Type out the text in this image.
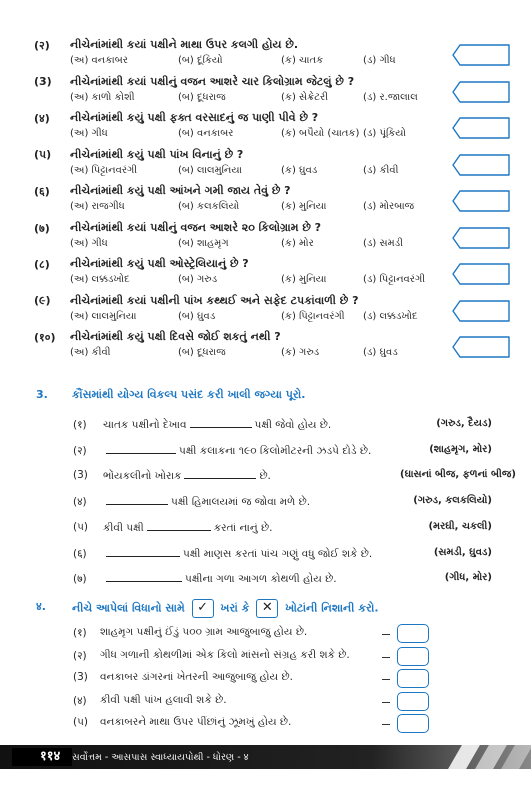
(२) નીચેનાંમાંથી કયાં પક્ષીને માથા ઉપર કલગી હોય છે.
(અ) વનકાબર	(બ) દૂંકિયો	(ક) ચાતક	(ડ) ગીધ
(3) નીચેનાંમાંથી કયાં પક્ષીનું વજન આશરે ચાર કિલોગ્રામ જેટલું છે ?
(અ) કાળો કોશી	(બ) દૂધરાજ	(ક) સેક્રેટરી	(ડ) ર.જાલાલ
(४) નીચેનાંમાંથી કયું પક્ષી ફક્ત વરસાદનું જ પાણી પીવે છે ?
(અ) ગીધ	(બ) વનકાબર	(ક) બપૈયો (ચાતક) (ડ) પૂંકિયો
(પ) નીચેનાંમાંથી કયું પક્ષી પાંખ વિનાનું છે ?
(અ) પિટ્ટાનવરંગી	(બ) લાલમુનિયા	(ક) ઘુવડ	(ડ) કીવી
(६) નીચેનાંમાંથી કયું પક્ષી આંખને ગમી જાય તેવું છે ?
(અ) રાજગીધ	(બ) કલકલિયો	(ક) મુનિયા	(ડ) મોરબાજ
(७) નીચેનાંમાંથી કયાં પક્ષીનું વજન આશરે ૨૦ કિલોગ્રામ છે ?
(અ) ગીધ	(બ) શાહમૃગ	(ક) મોર	(ડ) સમડી
(८) નીચેનાંમાંથી કયું પક્ષી ઓસ્ટ્રેલિયાનું છે ?
(અ) લક્કડખોદ	(બ) ગરુડ	(ક) મુનિયા	(ડ) પિટ્ટાનવરંગી
(૯) નીચેનાંમાંથી કયાં પક્ષીની પાંખ કથ્થઈ અને સફેદ ટપકાંવાળી છે ?
(અ) લાલમુનિયા	(બ) ઘુવડ	(ક) પિટ્ટાનવરંગી (ડ) લક્કડખોદ
(१०) નીચેનાંમાંથી કયું પક્ષી દિવસે જોઈ શકતું નથી ?
(અ) કીવી	(બ) દૂધરાજ	(ક) ગરુડ	(ડ) ઘુવડ
3. કૌંસમાંથી યોગ્ય વિકલ્પ પસંદ કરી ખાલી જગ્યા પૂરો.
(१) ચાતક પક્ષીનો દેખાવ	પક્ષી જેવો હોય છે.	(ગરુડ, દૈયડ)
(२)	પક્ષી કલાકના ૧૯૦ કિલોમીટરની ઝડપે દોડે છે.	(શાહમૃગ, મોર)
(3) ભોંયકલીનો ખોરાક	છે.	(ઘાસનાં બીજ, ફળનાં બીજ)
(४)	પક્ષી હિમાલયમાં જ જોવા મળે છે.	(ગરુડ, કલકલિયો)
(પ) કીવી પક્ષી	કરતાં નાનું છે.	(મરઘી, ચકલી)
(६)	પક્ષી માણસ કરતાં પાંચ ગણું વધુ જોઈ શકે છે.	(સમડી, ઘુવડ)
(७)	પક્ષીના ગળા આગળ કોથળી હોય છે.	(ગીધ, મોર)
४. નીચે આપેલાં વિધાનો સામે ✓ ખરાં કે ✕ ખોટાંની નિશાની કરો.
(१) શાહમૃગ પક્ષીનું ઈંડું ૫૦૦ ગ્રામ આજુબાજુ હોય છે.
(२) ગીધ ગળાની કોથળીમાં એક કિલો માંસનો સંગ્રહ કરી શકે છે.
(3) વનકાબર ડાંગરનાં ખેતરની આજુબાજુ હોય છે.
(४) કીવી પક્ષી પાંખ હલાવી શકે છે.
(પ) વનકાબરને માથા ઉપર પીંછાંનું ઝૂમખું હોય છે.
११४	સર્વોત્તમ - આસપાસ સ્વાધ્યાયપોથી - ધોરણ - ४
